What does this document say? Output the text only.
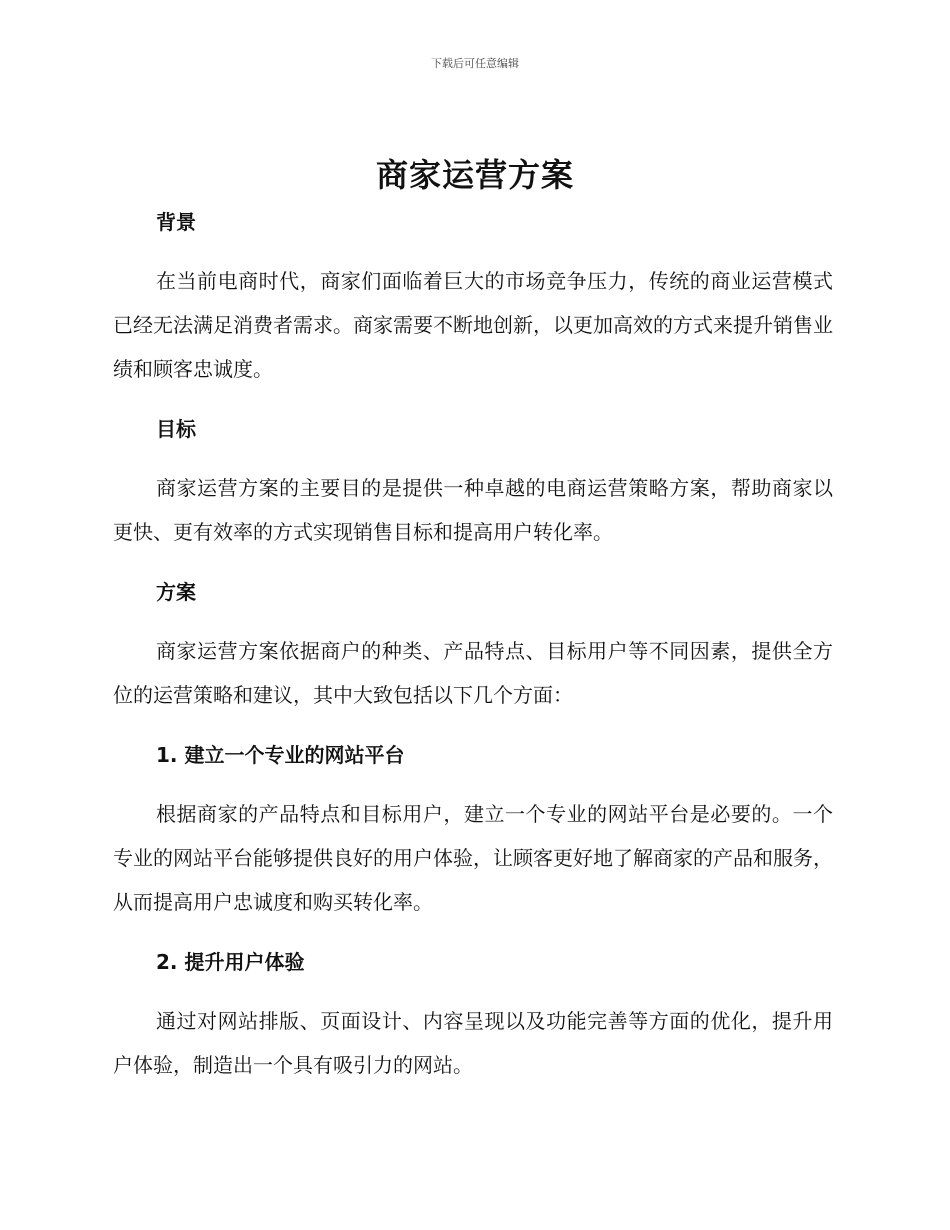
下载后可任意编辑
商家运营方案
背景

在当前电商时代，商家们面临着巨大的市场竞争压力，传统的商业运营模式已经无法满足消费者需求。商家需要不断地创新，以更加高效的方式来提升销售业绩和顾客忠诚度。

目标

商家运营方案的主要目的是提供一种卓越的电商运营策略方案，帮助商家以更快、更有效率的方式实现销售目标和提高用户转化率。

方案

商家运营方案依据商户的种类、产品特点、目标用户等不同因素，提供全方位的运营策略和建议，其中大致包括以下几个方面：

1. 建立一个专业的网站平台

根据商家的产品特点和目标用户，建立一个专业的网站平台是必要的。一个专业的网站平台能够提供良好的用户体验，让顾客更好地了解商家的产品和服务，从而提高用户忠诚度和购买转化率。

2. 提升用户体验

通过对网站排版、页面设计、内容呈现以及功能完善等方面的优化，提升用户体验，制造出一个具有吸引力的网站。
